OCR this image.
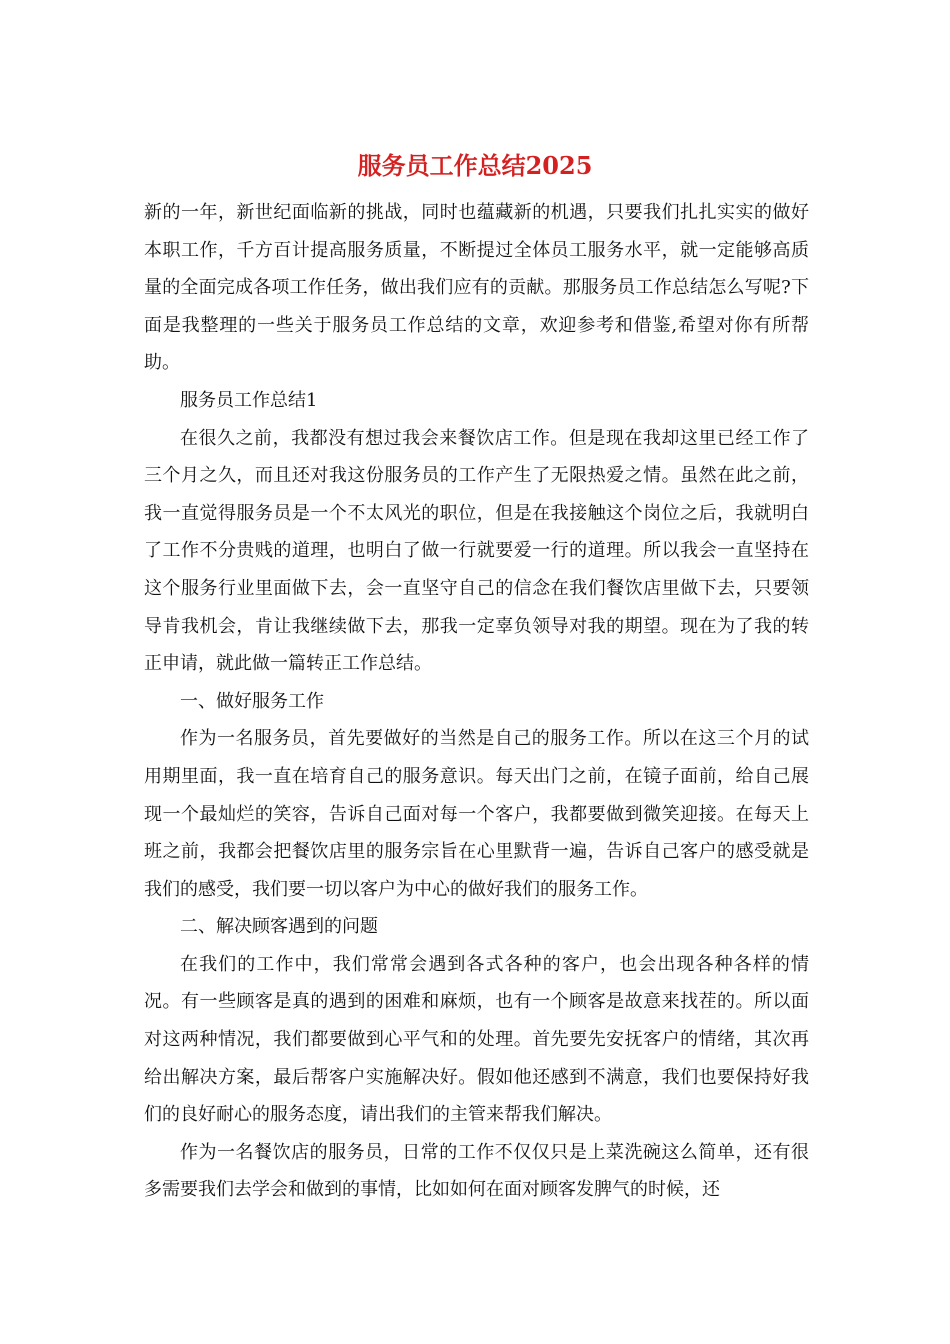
服务员工作总结2025

新的一年，新世纪面临新的挑战，同时也蕴藏新的机遇，只要我们扎扎实实的做好本职工作，千方百计提高服务质量，不断提过全体员工服务水平，就一定能够高质量的全面完成各项工作任务，做出我们应有的贡献。那服务员工作总结怎么写呢?下面是我整理的一些关于服务员工作总结的文章，欢迎参考和借鉴,希望对你有所帮助。

服务员工作总结1

在很久之前，我都没有想过我会来餐饮店工作。但是现在我却这里已经工作了三个月之久，而且还对我这份服务员的工作产生了无限热爱之情。虽然在此之前，我一直觉得服务员是一个不太风光的职位，但是在我接触这个岗位之后，我就明白了工作不分贵贱的道理，也明白了做一行就要爱一行的道理。所以我会一直坚持在这个服务行业里面做下去，会一直坚守自己的信念在我们餐饮店里做下去，只要领导肯我机会，肯让我继续做下去，那我一定辜负领导对我的期望。现在为了我的转正申请，就此做一篇转正工作总结。

一、做好服务工作

作为一名服务员，首先要做好的当然是自己的服务工作。所以在这三个月的试用期里面，我一直在培育自己的服务意识。每天出门之前，在镜子面前，给自己展现一个最灿烂的笑容，告诉自己面对每一个客户，我都要做到微笑迎接。在每天上班之前，我都会把餐饮店里的服务宗旨在心里默背一遍，告诉自己客户的感受就是我们的感受，我们要一切以客户为中心的做好我们的服务工作。

二、解决顾客遇到的问题

在我们的工作中，我们常常会遇到各式各种的客户，也会出现各种各样的情况。有一些顾客是真的遇到的困难和麻烦，也有一个顾客是故意来找茬的。所以面对这两种情况，我们都要做到心平气和的处理。首先要先安抚客户的情绪，其次再给出解决方案，最后帮客户实施解决好。假如他还感到不满意，我们也要保持好我们的良好耐心的服务态度，请出我们的主管来帮我们解决。

作为一名餐饮店的服务员，日常的工作不仅仅只是上菜洗碗这么简单，还有很多需要我们去学会和做到的事情，比如如何在面对顾客发脾气的时候，还
